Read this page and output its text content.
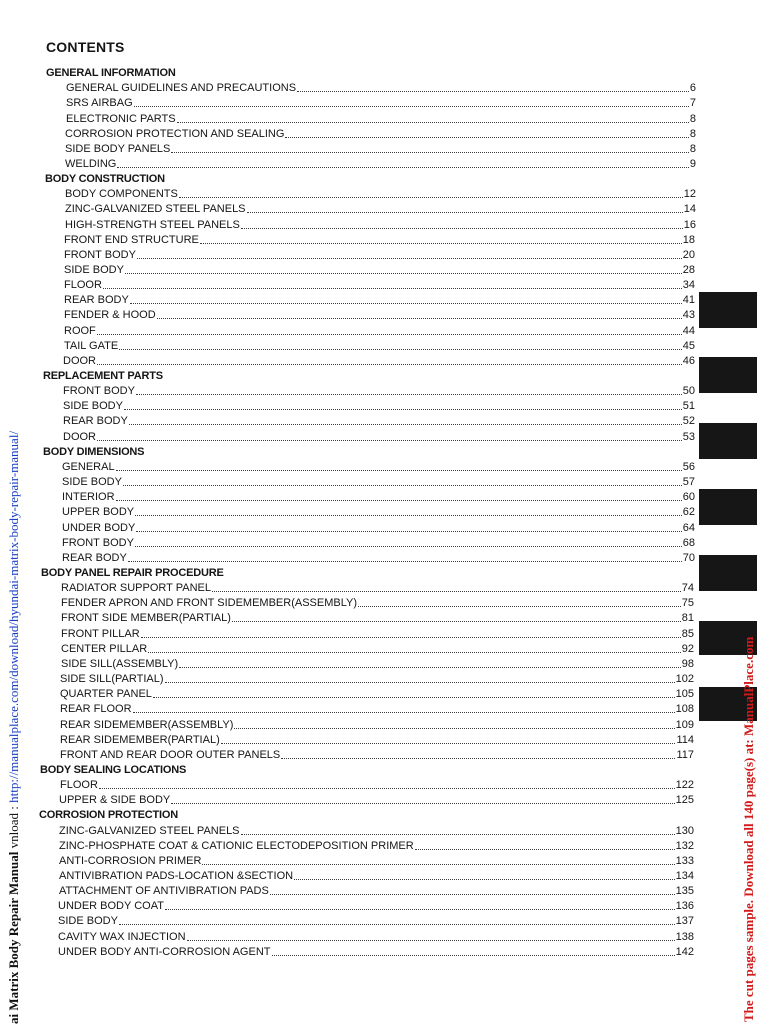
CONTENTS
GENERAL INFORMATION
GENERAL GUIDELINES AND PRECAUTIONS	6
SRS AIRBAG	7
ELECTRONIC PARTS	8
CORROSION PROTECTION AND SEALING	8
SIDE BODY PANELS	8
WELDING	9
BODY CONSTRUCTION
BODY COMPONENTS	12
ZINC-GALVANIZED STEEL PANELS	14
HIGH-STRENGTH STEEL PANELS	16
FRONT END STRUCTURE	18
FRONT BODY	20
SIDE BODY	28
FLOOR	34
REAR BODY	41
FENDER & HOOD	43
ROOF	44
TAIL GATE	45
DOOR	46
REPLACEMENT PARTS
FRONT BODY	50
SIDE BODY	51
REAR BODY	52
DOOR	53
BODY DIMENSIONS
GENERAL	56
SIDE BODY	57
INTERIOR	60
UPPER BODY	62
UNDER BODY	64
FRONT BODY	68
REAR BODY	70
BODY PANEL REPAIR PROCEDURE
RADIATOR SUPPORT PANEL	74
FENDER APRON AND FRONT SIDEMEMBER(ASSEMBLY)	75
FRONT SIDE MEMBER(PARTIAL)	81
FRONT PILLAR	85
CENTER PILLAR	92
SIDE SILL(ASSEMBLY)	98
SIDE SILL(PARTIAL)	102
QUARTER PANEL	105
REAR FLOOR	108
REAR SIDEMEMBER(ASSEMBLY)	109
REAR SIDEMEMBER(PARTIAL)	114
FRONT AND REAR DOOR OUTER PANELS	117
BODY SEALING LOCATIONS
FLOOR	122
UPPER & SIDE BODY	125
CORROSION PROTECTION
ZINC-GALVANIZED STEEL PANELS	130
ZINC-PHOSPHATE COAT & CATIONIC ELECTODEPOSITION PRIMER	132
ANTI-CORROSION PRIMER	133
ANTIVIBRATION PADS-LOCATION &SECTION	134
ATTACHMENT OF ANTIVIBRATION PADS	135
UNDER BODY COAT	136
SIDE BODY	137
CAVITY WAX INJECTION	138
UNDER BODY ANTI-CORROSION AGENT	142
ai Matrix Body Repair Manual vnload : http://manualplace.com/download/hyundai-matrix-body-repair-manual/
The cut pages sample. Download all 140 page(s) at: ManualPlace.com
